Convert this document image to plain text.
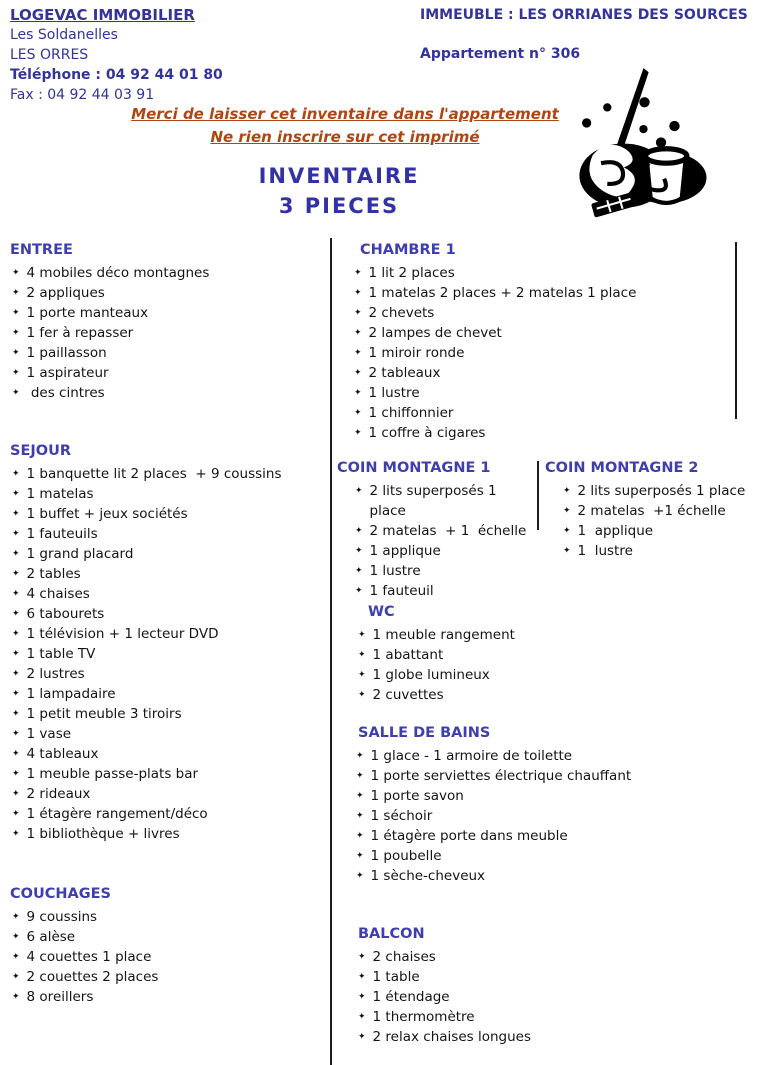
LOGEVAC IMMOBILIER
Les Soldanelles
LES ORRES
Téléphone : 04 92 44 01 80
Fax : 04 92 44 03 91
IMMEUBLE : LES ORRIANES DES SOURCES
Appartement n° 306
Merci de laisser cet inventaire dans l'appartement
Ne rien inscrire sur cet imprimé
INVENTAIRE
3 PIECES
ENTREE
✦ 4 mobiles déco montagnes
✦ 2 appliques
✦ 1 porte manteaux
✦ 1 fer à repasser
✦ 1 paillasson
✦ 1 aspirateur
✦ des cintres
SEJOUR
✦ 1 banquette lit 2 places  + 9 coussins
✦ 1 matelas
✦ 1 buffet + jeux sociétés
✦ 1 fauteuils
✦ 1 grand placard
✦ 2 tables
✦ 4 chaises
✦ 6 tabourets
✦ 1 télévision + 1 lecteur DVD
✦ 1 table TV
✦ 2 lustres
✦ 1 lampadaire
✦ 1 petit meuble 3 tiroirs
✦ 1 vase
✦ 4 tableaux
✦ 1 meuble passe-plats bar
✦ 2 rideaux
✦ 1 étagère rangement/déco
✦ 1 bibliothèque + livres
COUCHAGES
✦ 9 coussins
✦ 6 alèse
✦ 4 couettes 1 place
✦ 2 couettes 2 places
✦ 8 oreillers
CHAMBRE 1
✦ 1 lit 2 places
✦ 1 matelas 2 places + 2 matelas 1 place
✦ 2 chevets
✦ 2 lampes de chevet
✦ 1 miroir ronde
✦ 2 tableaux
✦ 1 lustre
✦ 1 chiffonnier
✦ 1 coffre à cigares
COIN MONTAGNE 1
✦ 2 lits superposés 1 place
✦ 2 matelas  + 1  échelle
✦ 1 applique
✦ 1 lustre
✦ 1 fauteuil
COIN MONTAGNE 2
✦ 2 lits superposés 1 place
✦ 2 matelas  +1 échelle
✦ 1  applique
✦ 1  lustre
WC
✦ 1 meuble rangement
✦ 1 abattant
✦ 1 globe lumineux
✦ 2 cuvettes
SALLE DE BAINS
✦ 1 glace - 1 armoire de toilette
✦ 1 porte serviettes électrique chauffant
✦ 1 porte savon
✦ 1 séchoir
✦ 1 étagère porte dans meuble
✦ 1 poubelle
✦ 1 sèche-cheveux
BALCON
✦ 2 chaises
✦ 1 table
✦ 1 étendage
✦ 1 thermomètre
✦ 2 relax chaises longues
